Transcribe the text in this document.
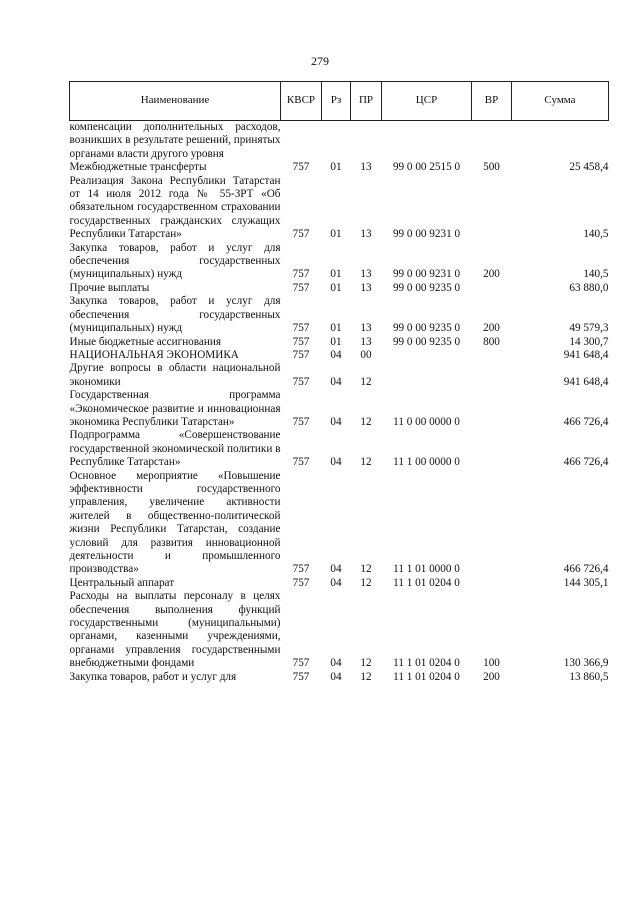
279
Наименование	КВСР	Рз	ПР	ЦСР	ВР	Сумма
компенсации дополнительных расходов, возникших в результате решений, принятых органами власти другого уровня						
Межбюджетные трансферты	757	01	13	99 0 00 2515 0	500	25 458,4
Реализация Закона Республики Татарстан от 14 июля 2012 года № 55-ЗРТ «Об обязательном государственном страховании государственных гражданских служащих Республики Татарстан»	757	01	13	99 0 00 9231 0		140,5
Закупка товаров, работ и услуг для обеспечения государственных (муниципальных) нужд	757	01	13	99 0 00 9231 0	200	140,5
Прочие выплаты	757	01	13	99 0 00 9235 0		63 880,0
Закупка товаров, работ и услуг для обеспечения государственных (муниципальных) нужд	757	01	13	99 0 00 9235 0	200	49 579,3
Иные бюджетные ассигнования	757	01	13	99 0 00 9235 0	800	14 300,7
НАЦИОНАЛЬНАЯ ЭКОНОМИКА	757	04	00			941 648,4
Другие вопросы в области национальной экономики	757	04	12			941 648,4
Государственная программа «Экономическое развитие и инновационная экономика Республики Татарстан»	757	04	12	11 0 00 0000 0		466 726,4
Подпрограмма «Совершенствование государственной экономической политики в Республике Татарстан»	757	04	12	11 1 00 0000 0		466 726,4
Основное мероприятие «Повышение эффективности государственного управления, увеличение активности жителей в общественно-политической жизни Республики Татарстан, создание условий для развития инновационной деятельности и промышленного производства»	757	04	12	11 1 01 0000 0		466 726,4
Центральный аппарат	757	04	12	11 1 01 0204 0		144 305,1
Расходы на выплаты персоналу в целях обеспечения выполнения функций государственными (муниципальными) органами, казенными учреждениями, органами управления государственными внебюджетными фондами	757	04	12	11 1 01 0204 0	100	130 366,9
Закупка товаров, работ и услуг для	757	04	12	11 1 01 0204 0	200	13 860,5
